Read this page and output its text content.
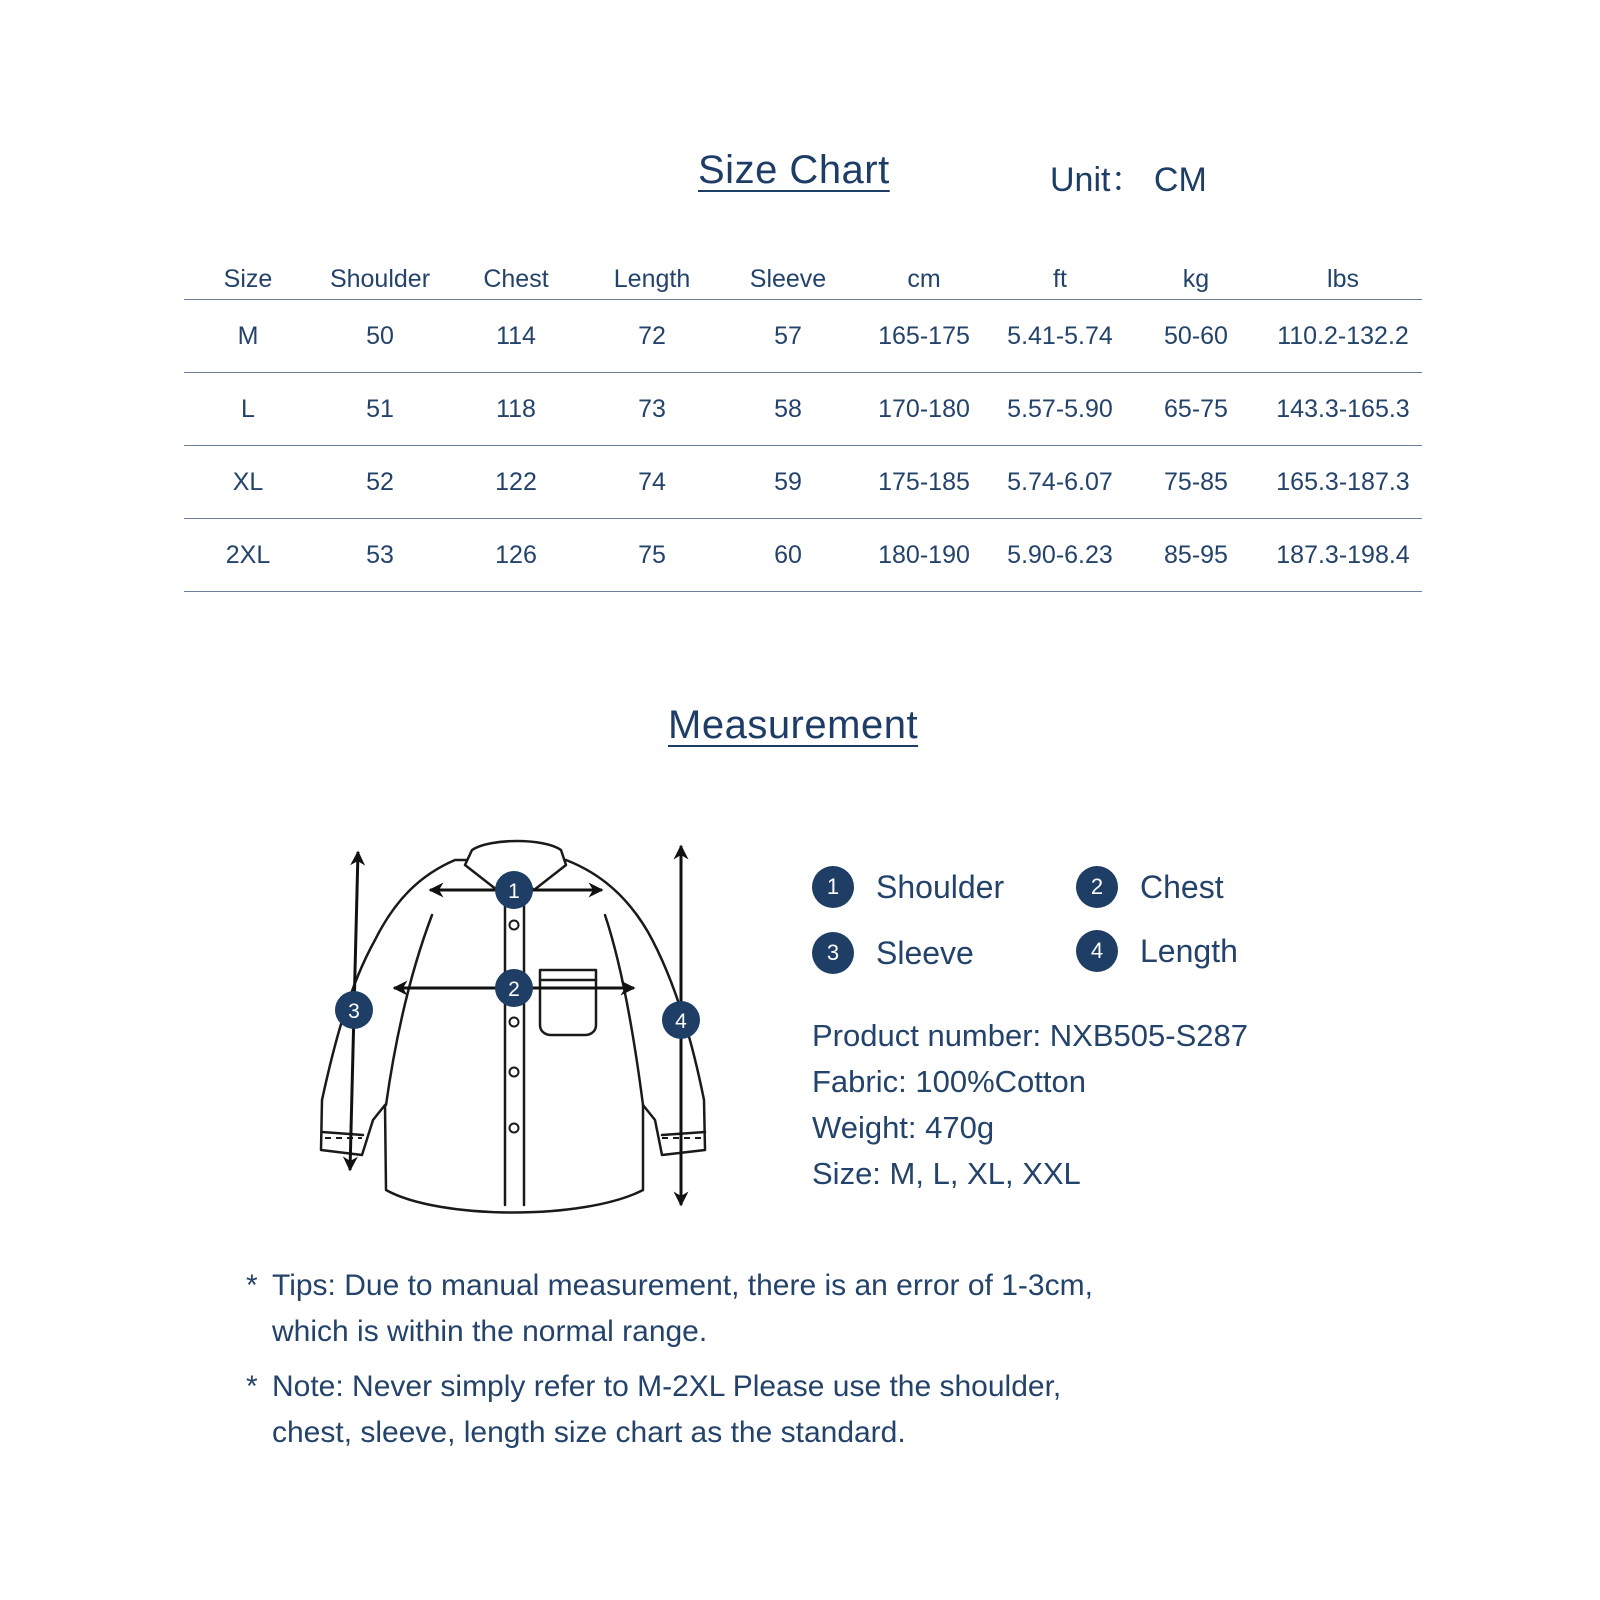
Size Chart	Unit： CM
Size	Shoulder	Chest	Length	Sleeve	cm	ft	kg	lbs
M	50	114	72	57	165-175	5.41-5.74	50-60	110.2-132.2
L	51	118	73	58	170-180	5.57-5.90	65-75	143.3-165.3
XL	52	122	74	59	175-185	5.74-6.07	75-85	165.3-187.3
2XL	53	126	75	60	180-190	5.90-6.23	85-95	187.3-198.4
Measurement
1
2
3	4
1	Shoulder	2	Chest
3	Sleeve	4	Length
Product number: NXB505-S287
Fabric: 100%Cotton
Weight: 470g
Size: M, L, XL, XXL
* Tips: Due to manual measurement, there is an error of 1-3cm,
which is within the normal range.
* Note: Never simply refer to M-2XL Please use the shoulder,
chest, sleeve, length size chart as the standard.
